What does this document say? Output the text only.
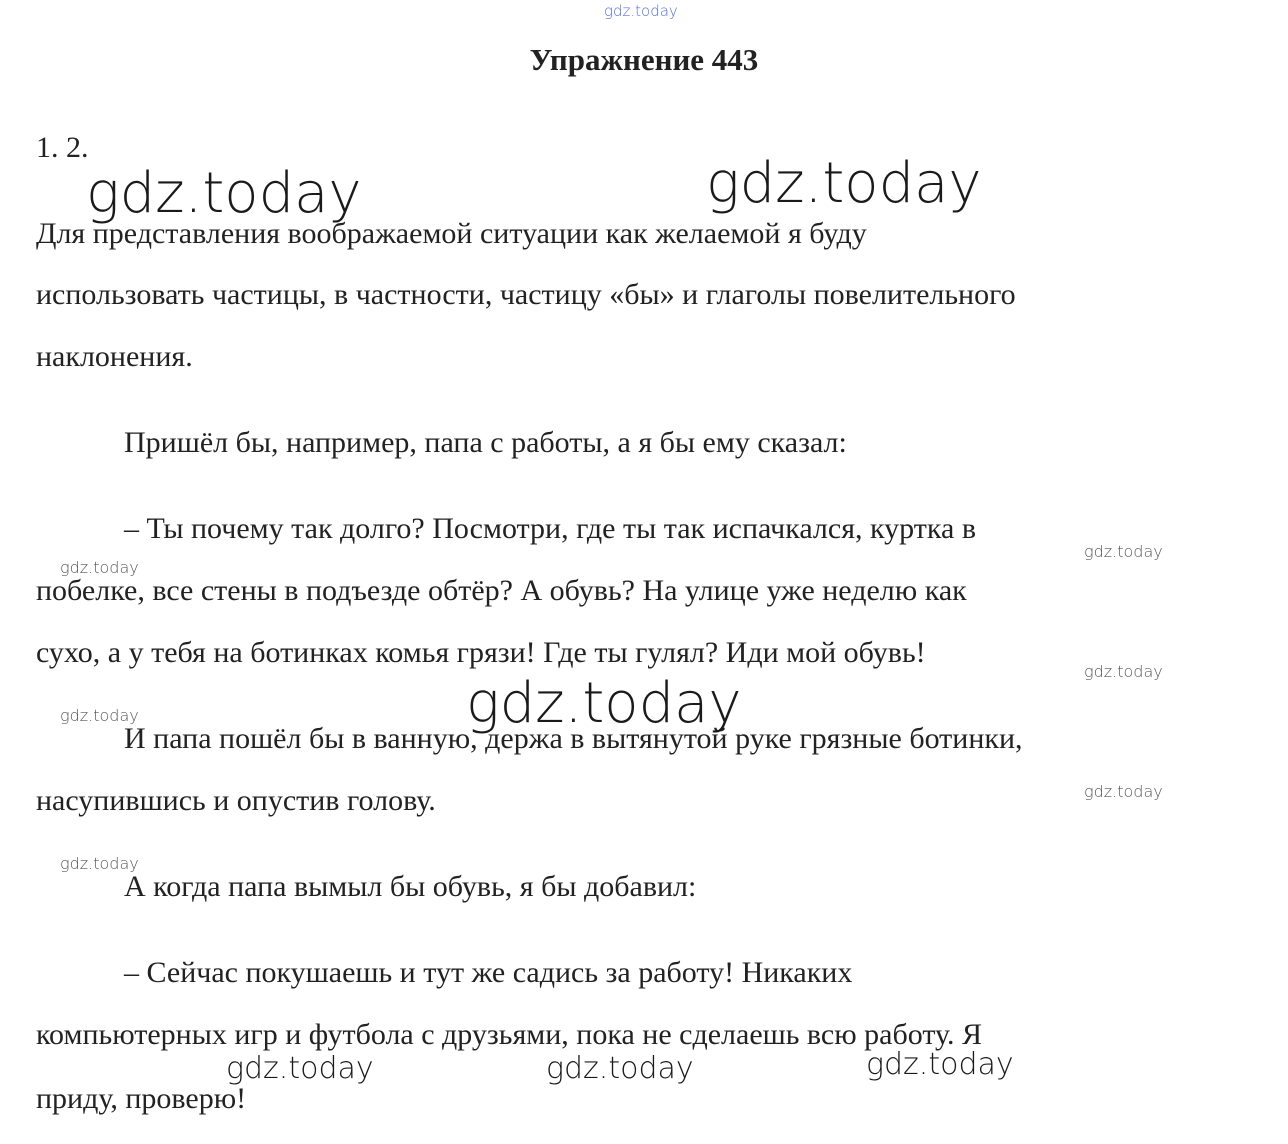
Упражнение 443
1. 2.
Для представления воображаемой ситуации как желаемой я буду
использовать частицы, в частности, частицу «бы» и глаголы повелительного
наклонения.
Пришёл бы, например, папа с работы, а я бы ему сказал:
– Ты почему так долго? Посмотри, где ты так испачкался, куртка в
побелке, все стены в подъезде обтёр? А обувь? На улице уже неделю как
сухо, а у тебя на ботинках комья грязи! Где ты гулял? Иди мой обувь!
И папа пошёл бы в ванную, держа в вытянутой руке грязные ботинки,
насупившись и опустив голову.
А когда папа вымыл бы обувь, я бы добавил:
– Сейчас покушаешь и тут же садись за работу! Никаких
компьютерных игр и футбола с друзьями, пока не сделаешь всю работу. Я
приду, проверю!
gdz.today
gdz.today	gdz.today
gdz.today
gdz.today
gdz.today
gdz.today
gdz.today
gdz.today
gdz.today
gdz.today	gdz.today	gdz.today
